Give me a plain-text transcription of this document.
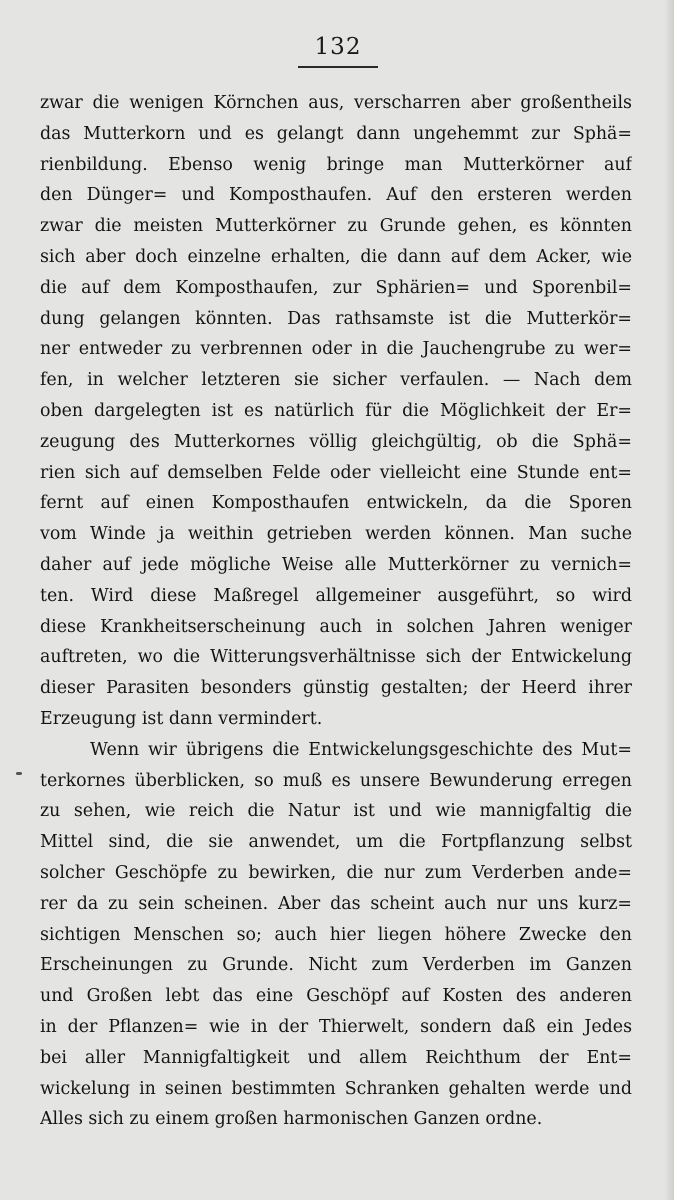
132
zwar die wenigen Körnchen aus, verscharren aber großentheils
das Mutterkorn und es gelangt dann ungehemmt zur Sphä=
rienbildung. Ebenso wenig bringe man Mutterkörner auf
den Dünger= und Komposthaufen. Auf den ersteren werden
zwar die meisten Mutterkörner zu Grunde gehen, es könnten
sich aber doch einzelne erhalten, die dann auf dem Acker, wie
die auf dem Komposthaufen, zur Sphärien= und Sporenbil=
dung gelangen könnten. Das rathsamste ist die Mutterkör=
ner entweder zu verbrennen oder in die Jauchengrube zu wer=
fen, in welcher letzteren sie sicher verfaulen. — Nach dem
oben dargelegten ist es natürlich für die Möglichkeit der Er=
zeugung des Mutterkornes völlig gleichgültig, ob die Sphä=
rien sich auf demselben Felde oder vielleicht eine Stunde ent=
fernt auf einen Komposthaufen entwickeln, da die Sporen
vom Winde ja weithin getrieben werden können. Man suche
daher auf jede mögliche Weise alle Mutterkörner zu vernich=
ten. Wird diese Maßregel allgemeiner ausgeführt, so wird
diese Krankheitserscheinung auch in solchen Jahren weniger
auftreten, wo die Witterungsverhältnisse sich der Entwickelung
dieser Parasiten besonders günstig gestalten; der Heerd ihrer
Erzeugung ist dann vermindert.
Wenn wir übrigens die Entwickelungsgeschichte des Mut=
terkornes überblicken, so muß es unsere Bewunderung erregen
zu sehen, wie reich die Natur ist und wie mannigfaltig die
Mittel sind, die sie anwendet, um die Fortpflanzung selbst
solcher Geschöpfe zu bewirken, die nur zum Verderben ande=
rer da zu sein scheinen. Aber das scheint auch nur uns kurz=
sichtigen Menschen so; auch hier liegen höhere Zwecke den
Erscheinungen zu Grunde. Nicht zum Verderben im Ganzen
und Großen lebt das eine Geschöpf auf Kosten des anderen
in der Pflanzen= wie in der Thierwelt, sondern daß ein Jedes
bei aller Mannigfaltigkeit und allem Reichthum der Ent=
wickelung in seinen bestimmten Schranken gehalten werde und
Alles sich zu einem großen harmonischen Ganzen ordne.
